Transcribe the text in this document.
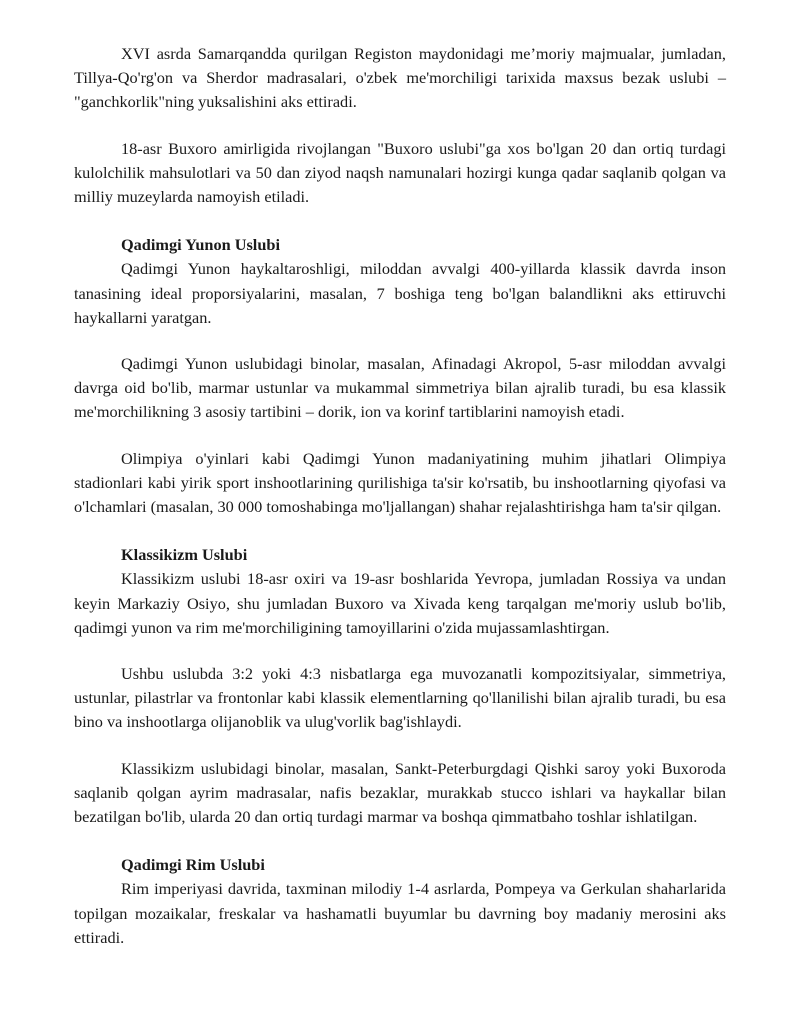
XVI asrda Samarqandda qurilgan Registon maydonidagi me’moriy majmualar, jumladan, Tillya-Qo'rg'on va Sherdor madrasalari, o'zbek me'morchiligi tarixida maxsus bezak uslubi – "ganchkorlik"ning yuksalishini aks ettiradi.

18-asr Buxoro amirligida rivojlangan "Buxoro uslubi"ga xos bo'lgan 20 dan ortiq turdagi kulolchilik mahsulotlari va 50 dan ziyod naqsh namunalari hozirgi kunga qadar saqlanib qolgan va milliy muzeylarda namoyish etiladi.

Qadimgi Yunon Uslubi

Qadimgi Yunon haykaltaroshligi, miloddan avvalgi 400-yillarda klassik davrda inson tanasining ideal proporsiyalarini, masalan, 7 boshiga teng bo'lgan balandlikni aks ettiruvchi haykallarni yaratgan.

Qadimgi Yunon uslubidagi binolar, masalan, Afinadagi Akropol, 5-asr miloddan avvalgi davrga oid bo'lib, marmar ustunlar va mukammal simmetriya bilan ajralib turadi, bu esa klassik me'morchilikning 3 asosiy tartibini – dorik, ion va korinf tartiblarini namoyish etadi.

Olimpiya o'yinlari kabi Qadimgi Yunon madaniyatining muhim jihatlari Olimpiya stadionlari kabi yirik sport inshootlarining qurilishiga ta'sir ko'rsatib, bu inshootlarning qiyofasi va o'lchamlari (masalan, 30 000 tomoshabinga mo'ljallangan) shahar rejalashtirishga ham ta'sir qilgan.

Klassikizm Uslubi

Klassikizm uslubi 18-asr oxiri va 19-asr boshlarida Yevropa, jumladan Rossiya va undan keyin Markaziy Osiyo, shu jumladan Buxoro va Xivada keng tarqalgan me'moriy uslub bo'lib, qadimgi yunon va rim me'morchiligining tamoyillarini o'zida mujassamlashtirgan.

Ushbu uslubda 3:2 yoki 4:3 nisbatlarga ega muvozanatli kompozitsiyalar, simmetriya, ustunlar, pilastrlar va frontonlar kabi klassik elementlarning qo'llanilishi bilan ajralib turadi, bu esa bino va inshootlarga olijanoblik va ulug'vorlik bag'ishlaydi.

Klassikizm uslubidagi binolar, masalan, Sankt-Peterburgdagi Qishki saroy yoki Buxoroda saqlanib qolgan ayrim madrasalar, nafis bezaklar, murakkab stucco ishlari va haykallar bilan bezatilgan bo'lib, ularda 20 dan ortiq turdagi marmar va boshqa qimmatbaho toshlar ishlatilgan.

Qadimgi Rim Uslubi

Rim imperiyasi davrida, taxminan milodiy 1-4 asrlarda, Pompeya va Gerkulan shaharlarida topilgan mozaikalar, freskalar va hashamatli buyumlar bu davrning boy madaniy merosini aks ettiradi.
